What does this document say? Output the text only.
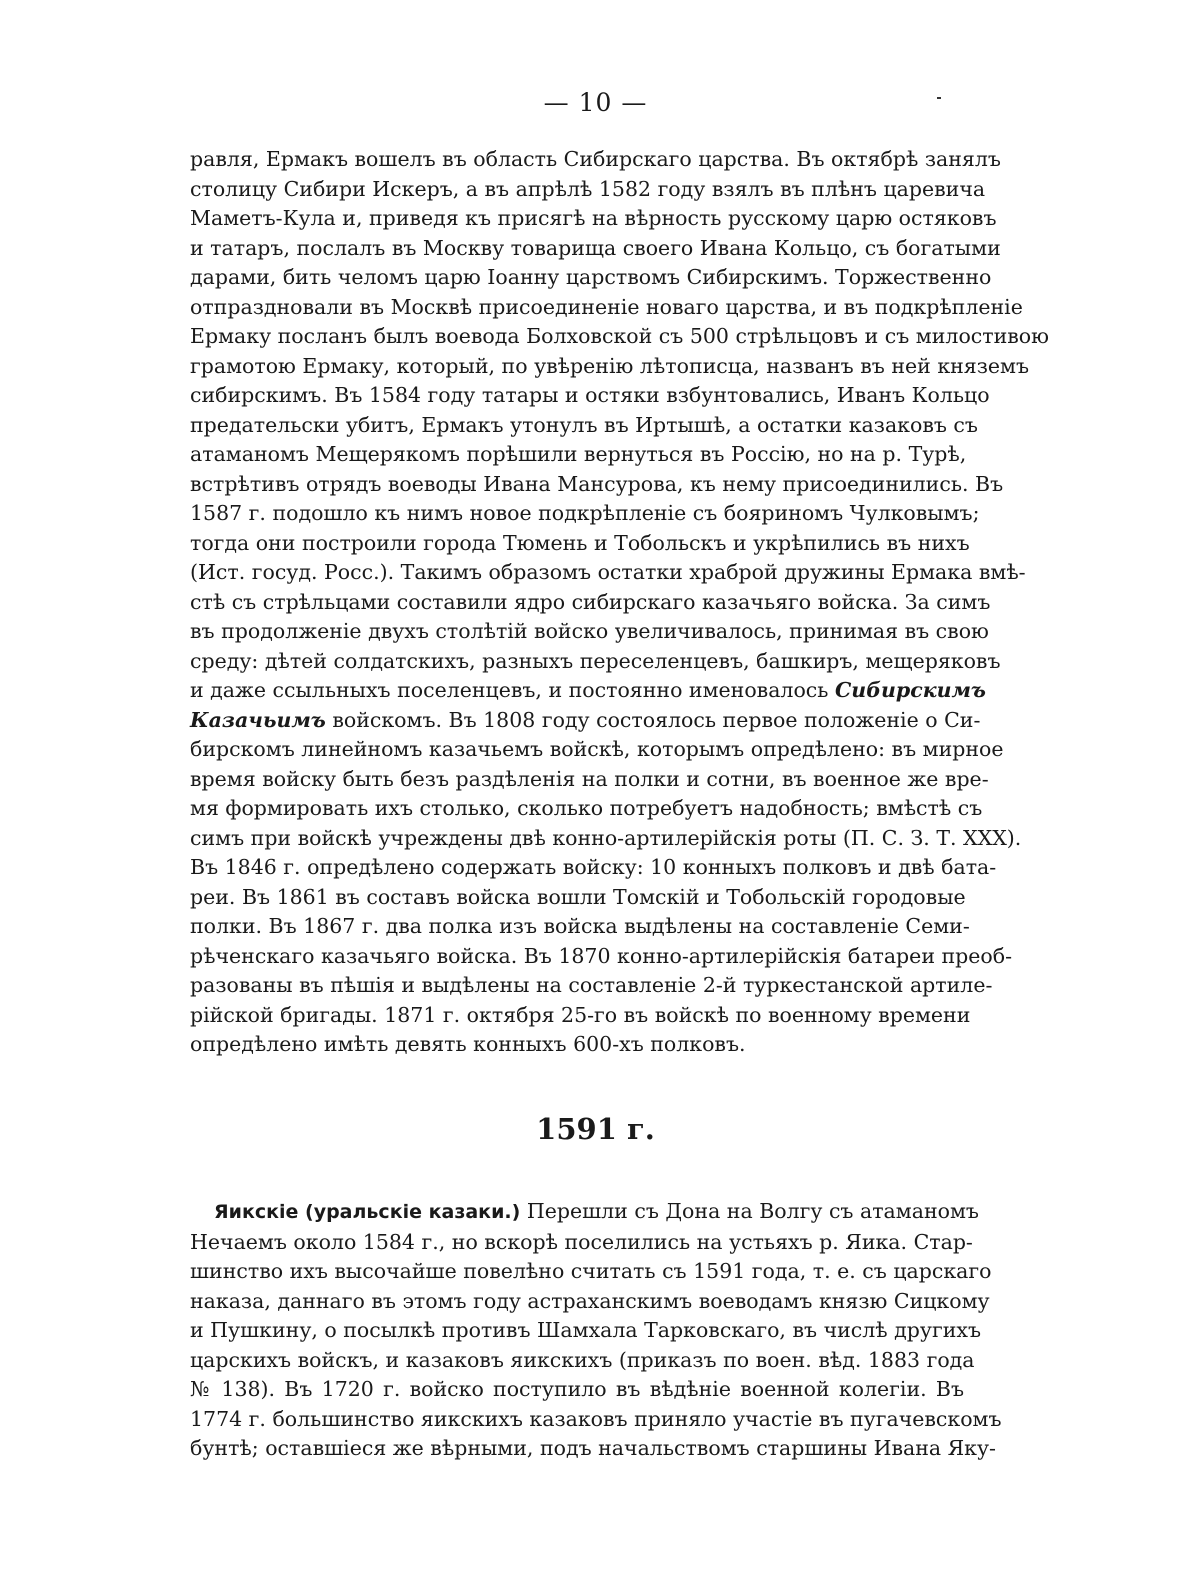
— 10 —
равля, Ермакъ вошелъ въ область Сибирскаго царства. Въ октябрѣ занялъ
столицу Сибири Искеръ, а въ апрѣлѣ 1582 году взялъ въ плѣнъ царевича
Маметъ-Кула и, приведя къ присягѣ на вѣрность русскому царю остяковъ
и татаръ, послалъ въ Москву товарища своего Ивана Кольцо, съ богатыми
дарами, бить челомъ царю Іоанну царствомъ Сибирскимъ. Торжественно
отпраздновали въ Москвѣ присоединеніе новаго царства, и въ подкрѣпленіе
Ермаку посланъ былъ воевода Болховской съ 500 стрѣльцовъ и съ милостивою
грамотою Ермаку, который, по увѣренію лѣтописца, названъ въ ней княземъ
сибирскимъ. Въ 1584 году татары и остяки взбунтовались, Иванъ Кольцо
предательски убитъ, Ермакъ утонулъ въ Иртышѣ, а остатки казаковъ съ
атаманомъ Мещерякомъ порѣшили вернуться въ Россію, но на р. Турѣ,
встрѣтивъ отрядъ воеводы Ивана Мансурова, къ нему присоединились. Въ
1587 г. подошло къ нимъ новое подкрѣпленіе съ бояриномъ Чулковымъ;
тогда они построили города Тюмень и Тобольскъ и укрѣпились въ нихъ
(Ист. госуд. Росс.). Такимъ образомъ остатки храброй дружины Ермака вмѣ-
стѣ съ стрѣльцами составили ядро сибирскаго казачьяго войска. За симъ
въ продолженіе двухъ столѣтій войско увеличивалось, принимая въ свою
среду: дѣтей солдатскихъ, разныхъ переселенцевъ, башкиръ, мещеряковъ
и даже ссыльныхъ поселенцевъ, и постоянно именовалось Сибирскимъ
Казачьимъ войскомъ. Въ 1808 году состоялось первое положеніе о Си-
бирскомъ линейномъ казачьемъ войскѣ, которымъ опредѣлено: въ мирное
время войску быть безъ раздѣленія на полки и сотни, въ военное же вре-
мя формировать ихъ столько, сколько потребуетъ надобность; вмѣстѣ съ
симъ при войскѣ учреждены двѣ конно-артилерійскія роты (П. С. З. Т. XXX).
Въ 1846 г. опредѣлено содержать войску: 10 конныхъ полковъ и двѣ бата-
реи. Въ 1861 въ составъ войска вошли Томскій и Тобольскій городовые
полки. Въ 1867 г. два полка изъ войска выдѣлены на составленіе Семи-
рѣченскаго казачьяго войска. Въ 1870 конно-артилерійскія батареи преоб-
разованы въ пѣшія и выдѣлены на составленіе 2-й туркестанской артиле-
рійской бригады. 1871 г. октября 25-го въ войскѣ по военному времени
опредѣлено имѣть девять конныхъ 600-хъ полковъ.
1591 г.
Яикскіе (уральскіе казаки.) Перешли съ Дона на Волгу съ атаманомъ
Нечаемъ около 1584 г., но вскорѣ поселились на устьяхъ р. Яика. Стар-
шинство ихъ высочайше повелѣно считать съ 1591 года, т. е. съ царскаго
наказа, даннаго въ этомъ году астраханскимъ воеводамъ князю Сицкому
и Пушкину, о посылкѣ противъ Шамхала Тарковскаго, въ числѣ другихъ
царскихъ войскъ, и казаковъ яикскихъ (приказъ по воен. вѣд. 1883 года
№ 138). Въ 1720 г. войско поступило въ вѣдѣніе военной колегіи. Въ
1774 г. большинство яикскихъ казаковъ приняло участіе въ пугачевскомъ
бунтѣ; оставшіеся же вѣрными, подъ начальствомъ старшины Ивана Яку-
